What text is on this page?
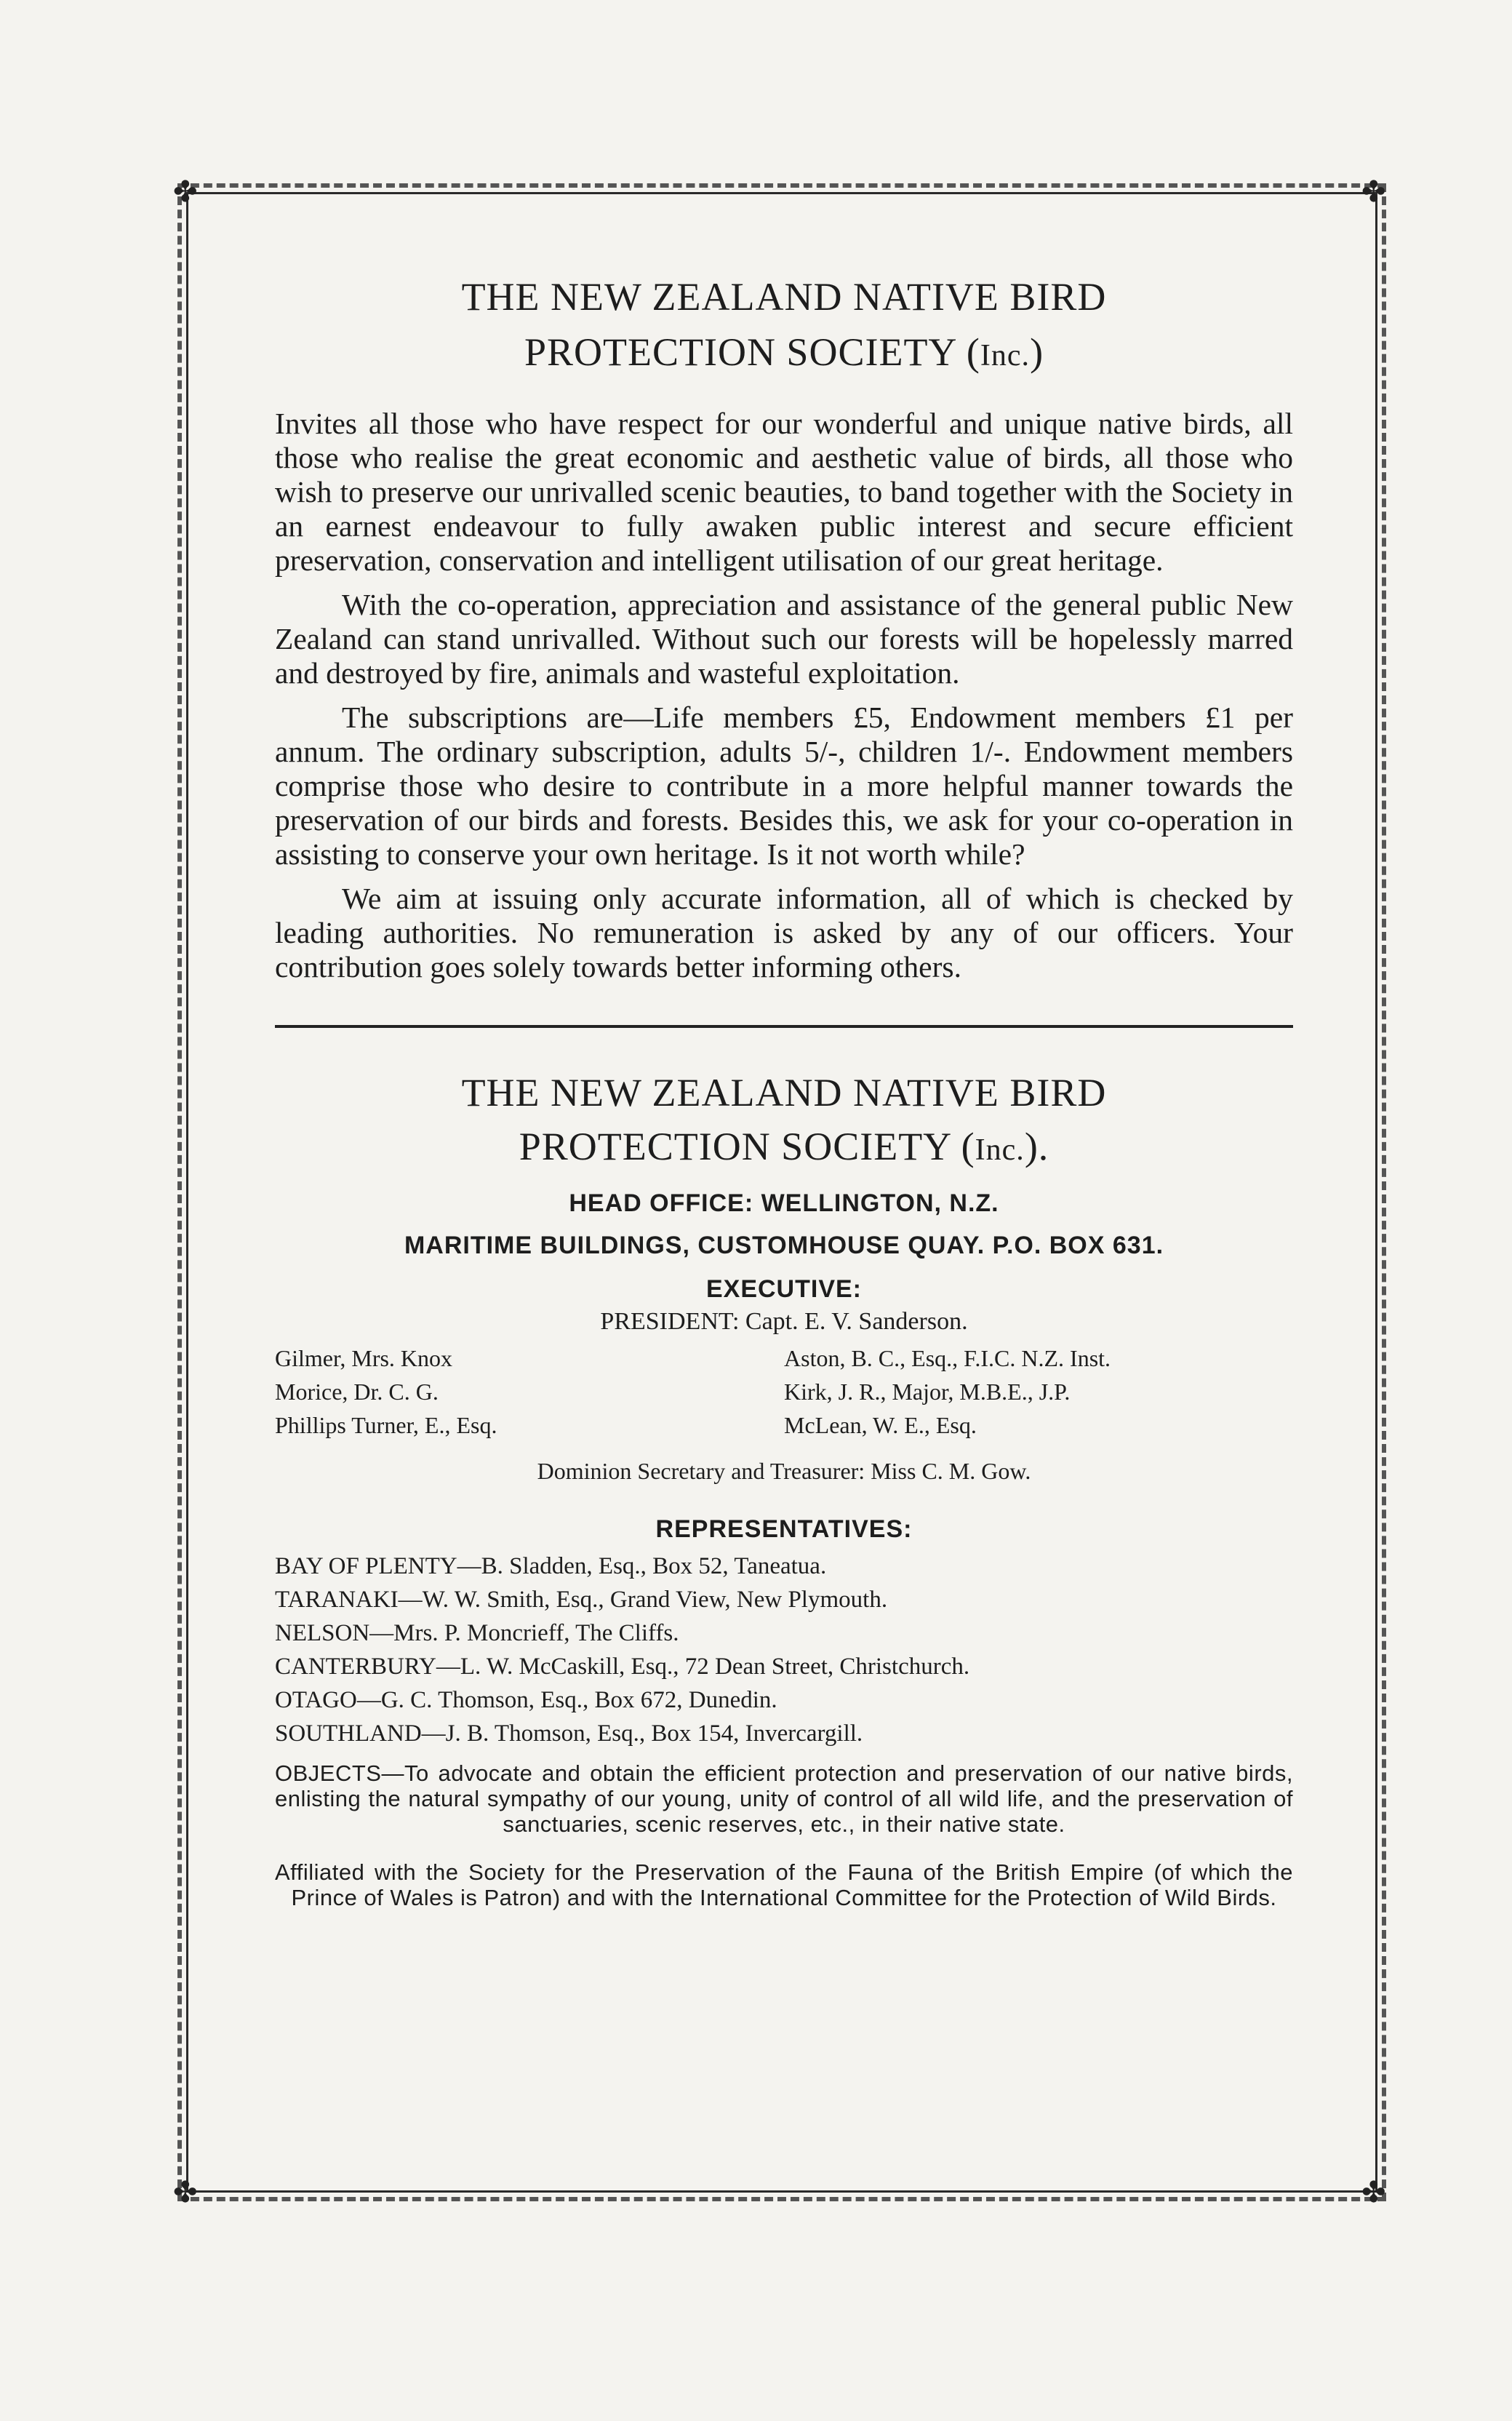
✤	✤
✤	✤
THE NEW ZEALAND NATIVE BIRD
PROTECTION SOCIETY (Inc.)

Invites all those who have respect for our wonderful and unique native birds, all those who realise the great economic and aesthetic value of birds, all those who wish to preserve our unrivalled scenic beauties, to band together with the Society in an earnest endeavour to fully awaken public interest and secure efficient preservation, conservation and intelligent utilisation of our great heritage.

With the co-operation, appreciation and assistance of the general public New Zealand can stand unrivalled. Without such our forests will be hopelessly marred and destroyed by fire, animals and wasteful exploitation.

The subscriptions are—Life members £5, Endowment members £1 per annum. The ordinary subscription, adults 5/-, children 1/-. Endowment members comprise those who desire to contribute in a more helpful manner towards the preservation of our birds and forests. Besides this, we ask for your co-operation in assisting to conserve your own heritage. Is it not worth while?

We aim at issuing only accurate information, all of which is checked by leading authorities. No remuneration is asked by any of our officers. Your contribution goes solely towards better informing others.

THE NEW ZEALAND NATIVE BIRD
PROTECTION SOCIETY (Inc.).

HEAD OFFICE: WELLINGTON, N.Z.

MARITIME BUILDINGS, CUSTOMHOUSE QUAY. P.O. BOX 631.

EXECUTIVE:

PRESIDENT: Capt. E. V. Sanderson.

Gilmer, Mrs. Knox
Morice, Dr. C. G.
Phillips Turner, E., Esq.
Aston, B. C., Esq., F.I.C. N.Z. Inst.
Kirk, J. R., Major, M.B.E., J.P.
McLean, W. E., Esq.

Dominion Secretary and Treasurer: Miss C. M. Gow.

REPRESENTATIVES:

BAY OF PLENTY—B. Sladden, Esq., Box 52, Taneatua.
TARANAKI—W. W. Smith, Esq., Grand View, New Plymouth.
NELSON—Mrs. P. Moncrieff, The Cliffs.
CANTERBURY—L. W. McCaskill, Esq., 72 Dean Street, Christchurch.
OTAGO—G. C. Thomson, Esq., Box 672, Dunedin.
SOUTHLAND—J. B. Thomson, Esq., Box 154, Invercargill.

OBJECTS—To advocate and obtain the efficient protection and preservation of our native birds, enlisting the natural sympathy of our young, unity of control of all wild life, and the preservation of sanctuaries, scenic reserves, etc., in their native state.

Affiliated with the Society for the Preservation of the Fauna of the British Empire (of which the Prince of Wales is Patron) and with the International Committee for the Protection of Wild Birds.
